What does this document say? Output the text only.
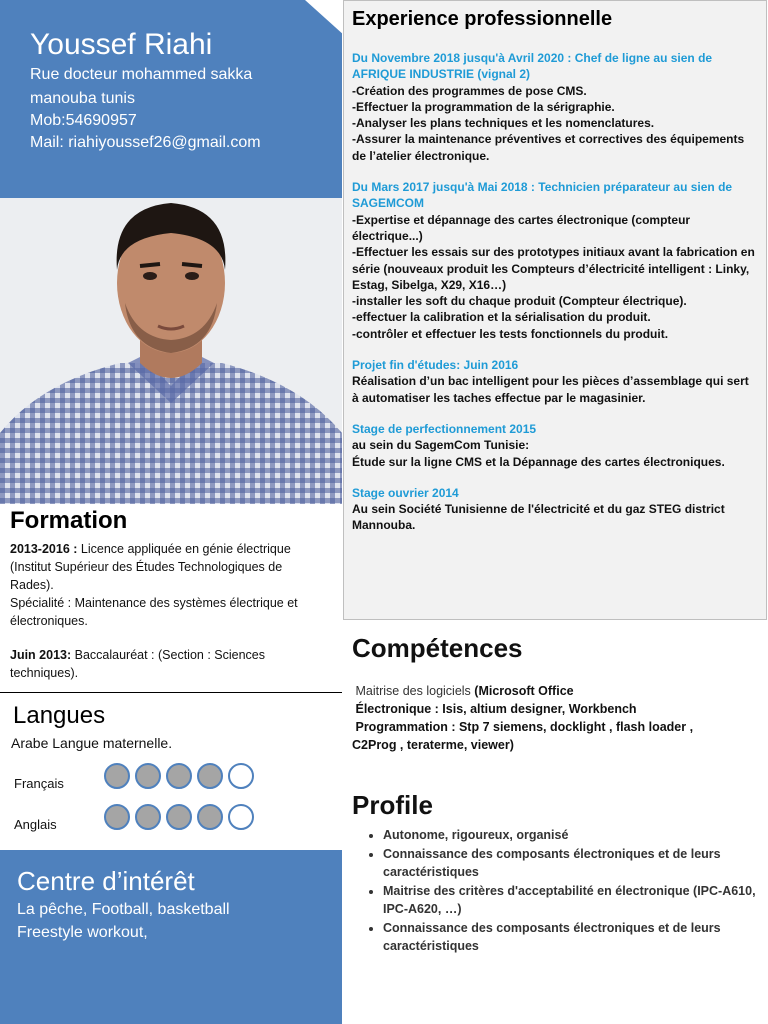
Youssef Riahi
Rue docteur mohammed sakka
manouba tunis
Mob:54690957
Mail: riahiyoussef26@gmail.com
Formation

2013-2016 : Licence appliquée en génie électrique (Institut Supérieur des Études Technologiques de Rades).

Spécialité : Maintenance des systèmes électrique et électroniques.

Juin 2013: Baccalauréat : (Section : Sciences techniques).

Langues
Arabe Langue maternelle.
Français
Anglais
Centre d’intérêt
La pêche, Football, basketball
Freestyle workout,
Experience professionnelle
Du Novembre 2018 jusqu'à Avril 2020 : Chef de ligne au sien de AFRIQUE INDUSTRIE (vignal 2)
-Création des programmes de pose CMS.
-Effectuer la programmation de la sérigraphie.
-Analyser les plans techniques et les nomenclatures.
-Assurer la maintenance préventives et correctives des équipements de l’atelier électronique.
Du Mars 2017 jusqu'à Mai 2018 : Technicien préparateur au sien de SAGEMCOM
-Expertise et dépannage des cartes électronique (compteur électrique...)
-Effectuer les essais sur des prototypes initiaux avant la fabrication en série (nouveaux produit les Compteurs d’électricité intelligent : Linky, Estag, Sibelga, X29, X16…)
-installer les soft du chaque produit (Compteur électrique).
-effectuer la calibration et la sérialisation du produit.
-contrôler et effectuer les tests fonctionnels du produit.
Projet fin d'études: Juin 2016
Réalisation d’un bac intelligent pour les pièces d’assemblage qui sert à automatiser les taches effectue par le magasinier.
Stage de perfectionnement 2015
au sein du SagemCom Tunisie:
Étude sur la ligne CMS et la Dépannage des cartes électroniques.
Stage ouvrier 2014
Au sein Société Tunisienne de l'électricité et du gaz STEG district Mannouba.
Compétences
Maitrise des logiciels (Microsoft Office
Électronique : Isis, altium designer, Workbench
Programmation : Stp 7 siemens, docklight , flash loader ,
C2Prog , teraterme, viewer)
Profile
• Autonome, rigoureux, organisé
• Connaissance des composants électroniques et de leurs caractéristiques
• Maitrise des critères d'acceptabilité en électronique (IPC-A610, IPC-A620, …)
• Connaissance des composants électroniques et de leurs caractéristiques
